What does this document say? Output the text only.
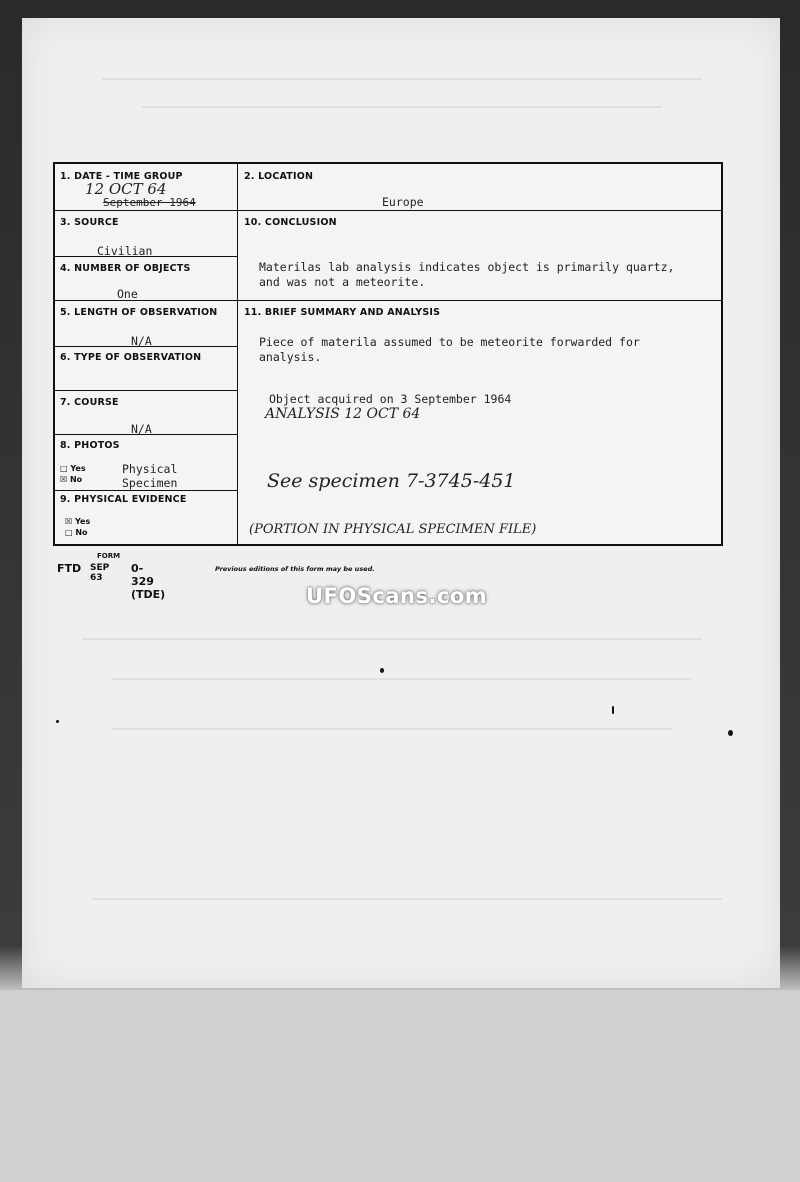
1. DATE - TIME GROUP
12 OCT 64
September 1964
2. LOCATION
Europe
3. SOURCE
Civilian
4. NUMBER OF OBJECTS
One
10. CONCLUSION
Materilas lab analysis indicates object is primarily quartz,
and was not a meteorite.
5. LENGTH OF OBSERVATION
N/A
6. TYPE OF OBSERVATION
7. COURSE
N/A
8. PHOTOS
□ Yes
☒ No
Physical
Specimen
9. PHYSICAL EVIDENCE
☒ Yes
□ No
11. BRIEF SUMMARY AND ANALYSIS
Piece of materila assumed to be meteorite forwarded for
analysis.
Object acquired on 3 September 1964
ANALYSIS 12 OCT 64
See specimen 7-3745-451
(PORTION IN PHYSICAL SPECIMEN FILE)
FORM
FTD SEP 63
0-329 (TDE)
Previous editions of this form may be used.
UFOScans.com
